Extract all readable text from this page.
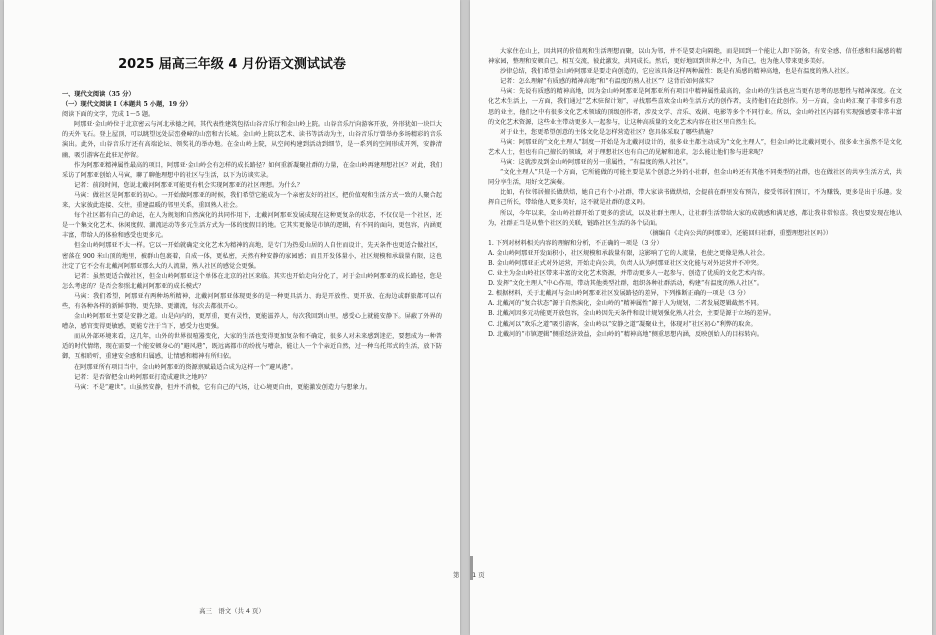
2025 届高三年级 4 月份语文测试试卷
一、现代文阅读（35 分）
（一）现代文阅读 I（本题共 5 小题，19 分）
阅读下面的文字，完成 1～5 题。
阿那亚·金山岭位于北京密云与河北承德之间，其代表性建筑包括山谷音乐厅和金山岭上院。山谷音乐厅向游客开放，外形犹如一块巨大的天外飞石。登上屋顶，可以眺望远处层峦叠嶂的山峦和古长城。金山岭上院以艺术、读书等活动为主，山谷音乐厅曾举办多场精彩的音乐演出。此外，山谷音乐厅还有高端论坛、领奖礼的举办地。在金山岭上院，从空间构建到活动到细节，是一系列的空间形成开列，安静清幽，吸引游客在此驻足停留。
作为阿那亚精神属性最高的项目，阿那亚·金山岭会有怎样的成长路径？如何重新凝聚社群的力量，在金山岭再建理想社区？对此，我们采访了阿那亚创始人马寅，聊了聊他理想中的社区与生活，以下为访谈实录。
记者：前段时间，您说北戴河阿那亚可能更有机会实现阿那亚的社区理想。为什么？
马寅：做社区是阿那亚的初心。一开始做阿那亚的时候，我们希望它能成为一个亲密友好的社区，把价值观和生活方式一致的人聚合起来，大家彼此连接、交往，重建温暖的邻里关系，重回熟人社会。
每个社区都有自己的命运，在人为规划和自然演化的共同作用下，北戴河阿那亚发展成现在这种更复杂的状态，不仅仅是一个社区，还是一个集文化艺术、休闲度假、潮流运动等多元生活方式为一体的度假目的地。它其实更像是市镇的逻辑，有不同的面向，更包容，内涵更丰富，带给人的体验和感受也更多元。
但金山岭阿那亚不太一样。它以一开始就确定文化艺术为精神的高地，是专门为热爱山居的人自住而设计，先天条件也更适合做社区，密落在 900 米山顶的地里，被群山包裹着，自成一体，更私密，天然有种安静的家园感；而且开发体量小，社区规模和承载量有限，这也注定了它不会有北戴河阿那亚那么大的人流量，熟人社区的感觉会更强。
记者：虽然更适合做社区，但金山岭阿那亚这个单体在北京的社区来临。其实也开始走向分化了，对于金山岭阿那亚的成长路径，您是怎么考虑的？是否会参照北戴河阿那亚的成长模式？
马寅：我们希望，阿那亚有两种场所精神，北戴河阿那亚体现更多的是一种更具活力、海是开放性、更开放、在海边或群旅都可以有些，有各种各样的新鲜事物、更先锋、更潮流，每次去都很开心。
金山岭阿那亚主要是安静之道。山是向内的，更厚重，更有灵性，更能滋养人，每次我回到山里，感受心上就能安静下。屏蔽了外界的嘈杂，感官变得更敏感，更能专注于当下，感受力也更强。
而从外部环境来看，这几年，山外的世界很喧嚣变化，大家的生活也变得更加复杂和不确定，很多人对未来感到迷茫，要想成为一种普适的时代情绪，现在需要一个能安顿身心的“避风港”，既远离都市的纷扰与嘈杂，能让人一个个亲近自然，过一种乌托邦式的生活，放下防御，互相聆听，重建安全感和归属感，让情感和精神有所归依。
在阿那亚所有项目当中，金山岭阿那亚的资源禀赋最适合成为这样一个“避风港”。
记者：是否留把金山岭阿那亚打造成避世之地吗？
马寅：不是“避世”。山虽然安静，但并不消极，它有自己的气场，让心境更自由，更能激发创造力与想象力。
高三　语文（共 4 页）
大家住在山上，因共同的价值观和生活理想而聚，以山为邻，并不是要走向隔绝，而是回到一个能让人卸下防备，有安全感、信任感和归属感的精神家园，整理和安顿自己，相互交流，彼此激发，共同成长。然后，更好地回到世界之中，为自己，也为他人带来更多美好。
沙律总结，我们希望金山岭阿那亚是要走向创造的，它应该具备这样两种属性：既是有质感的精神高地，也是有温度的熟人社区。
记者：怎么理解“有质感的精神高地”和“有温度的熟人社区”？这背后如何落实？
马寅：先说有质感的精神高地，因为金山岭阿那亚是阿那亚所有项目中精神属性最高的，金山岭的生活也应当更有思考的思想性与精神深度。在文化艺术生活上，一方面，我们通过“艺术驻留计划”，寻找那些喜欢金山岭生活方式的创作者，支持他们在此创作。另一方面，金山岭汇聚了非常多有意思的业主，他们之中有很多文化艺术领域的顶级创作者，涉及文学、音乐、戏剧、电影等多个不同行业。所以，金山岭社区内部有实现强感要非常丰富的文化艺术资源，这些业主带动更多人一起参与，让这种高质量的文化艺术内容在社区里自然生长。
对于业主，您更希望创意的主体文化是怎样营造社区？您具体采取了哪些措施？
马寅：阿那亚的“文化主理人”制度一开始是为北戴河设计的，很多业主都主动成为“文化主理人”，但金山岭比北戴河更小，很多业主虽然不是文化艺术人士，但也有自己擅长的领域，对于理想社区也有自己的见解和追求，怎么能让他们参与进来呢？
马寅：这就涉及到金山岭阿那亚的另一重属性，“有温度的熟人社区”。
“文化主理人”只是一个方面，它所能做的可能主要是某个创意之外的小社群，但金山岭还有其他不同类型的社群，也在做社区的共享生活方式，共同分享生活，用好文艺演奏。
比如，有位邻居擅长做烘焙，她自己有个小社群，带大家读书做烘焙，会提前在群里发布预告，接受邻居们预订，不为赚钱，更多是出于乐趣。发挥自己所长，带给他人更多美好，这不就是社群的意义吗。
所以，今年以来，金山岭社群开始了更多的尝试，以及社群主理人，让社群生活带给大家的成就感和满足感，都让我非常惊喜。我也要发现在地认为，社群正当是从整个社区的关联，链路社区生活的各个层面。
（摘编自《走向公共的阿那亚》，还能回归社群，重塑理想社区吗》）
1. 下列对材料相关内容的理解和分析，不正确的一项是（3 分）
A. 金山岭阿那亚开发面积小，社区规模和承载量有限，这影响了它的人流量，也使之更像是熟人社会。
B. 金山岭阿那亚正式对外运营，开始走向公共，负责人认为阿那亚社区文化能与对外运营并不冲突。
C. 业主为金山岭社区带来丰富的文化艺术资源，并带动更多人一起参与、创造了优质的文化艺术内容。
D. 发挥“文化主理人”中心作用，带动其他类型社群，组织各种社群活动，构建“有温度的熟人社区”。
2. 根据材料，关于北戴河与金山岭阿那亚社区发展路径的差异，下列推断正确的一项是（3 分）
A. 北戴河的“复合状态”源于自然演化，金山岭的“精神属性”源于人为规划，二者发展逻辑截然不同。
B. 北戴河因多元功能更开放包容，金山岭因先天条件和设计规划强化熟人社会，主要是源于立场的差异。
C. 北戴河以“欢乐之道”吸引游客，金山岭以“安静之道”凝聚业主，体现对“社区初心”利弊的取舍。
D. 北戴河的“市镇逻辑”侧重经济效益，金山岭的“精神高地”侧重思想内涵，反映创始人的目标转向。
第　　1 页
